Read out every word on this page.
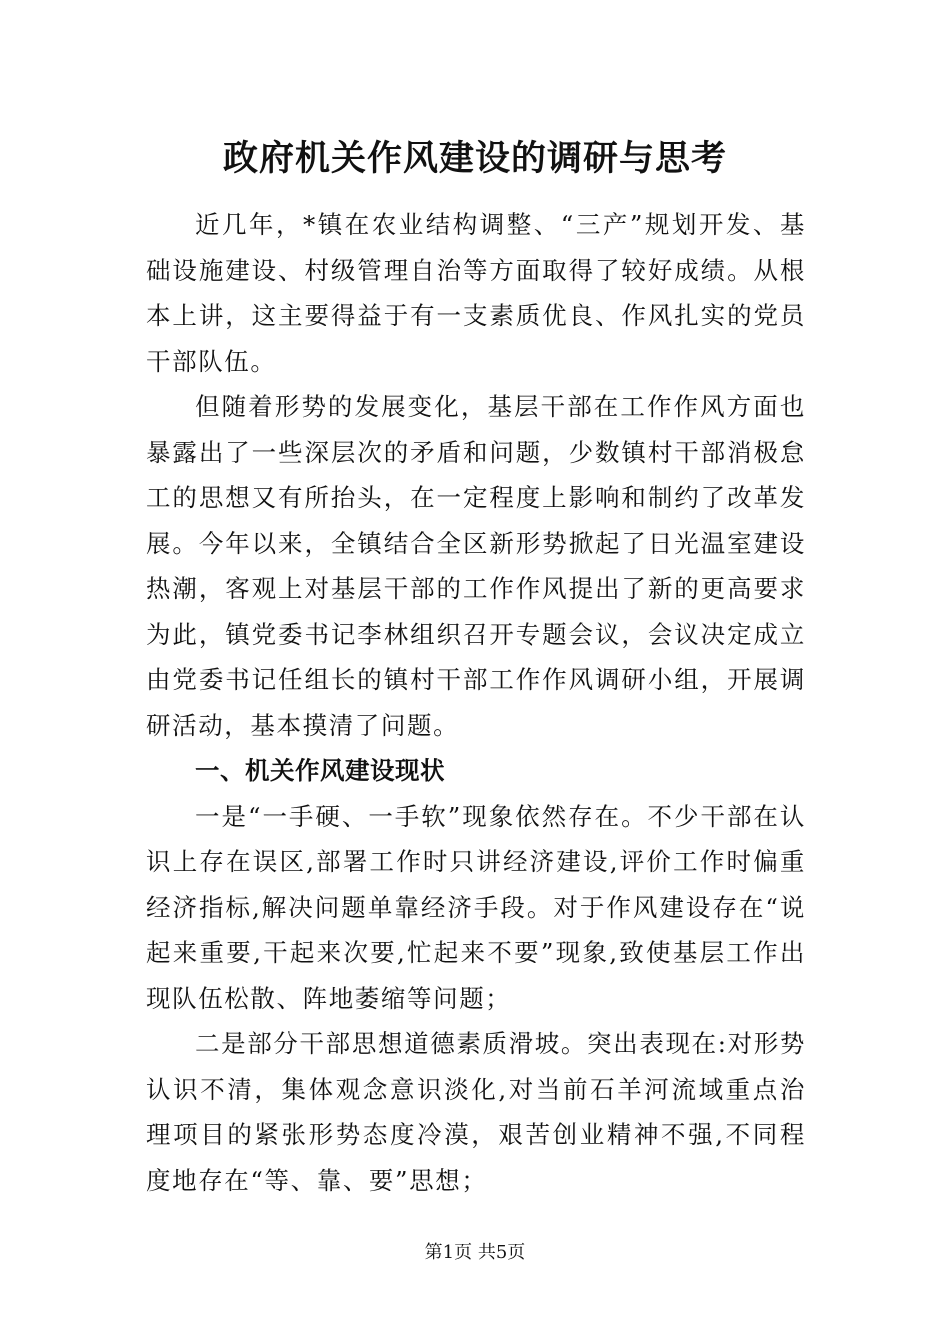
政府机关作风建设的调研与思考

近几年，*镇在农业结构调整、“三产”规划开发、基础设施建设、村级管理自治等方面取得了较好成绩。从根本上讲，这主要得益于有一支素质优良、作风扎实的党员干部队伍。

但随着形势的发展变化，基层干部在工作作风方面也暴露出了一些深层次的矛盾和问题，少数镇村干部消极怠工的思想又有所抬头，在一定程度上影响和制约了改革发展。今年以来，全镇结合全区新形势掀起了日光温室建设热潮，客观上对基层干部的工作作风提出了新的更高要求为此，镇党委书记李林组织召开专题会议，会议决定成立由党委书记任组长的镇村干部工作作风调研小组，开展调研活动，基本摸清了问题。

一、机关作风建设现状

一是“一手硬、一手软”现象依然存在。不少干部在认识上存在误区,部署工作时只讲经济建设,评价工作时偏重经济指标,解决问题单靠经济手段。对于作风建设存在“说起来重要,干起来次要,忙起来不要”现象,致使基层工作出现队伍松散、阵地萎缩等问题；

二是部分干部思想道德素质滑坡。突出表现在:对形势认识不清，集体观念意识淡化,对当前石羊河流域重点治理项目的紧张形势态度冷漠，艰苦创业精神不强,不同程度地存在“等、靠、要”思想；

第1页 共5页
